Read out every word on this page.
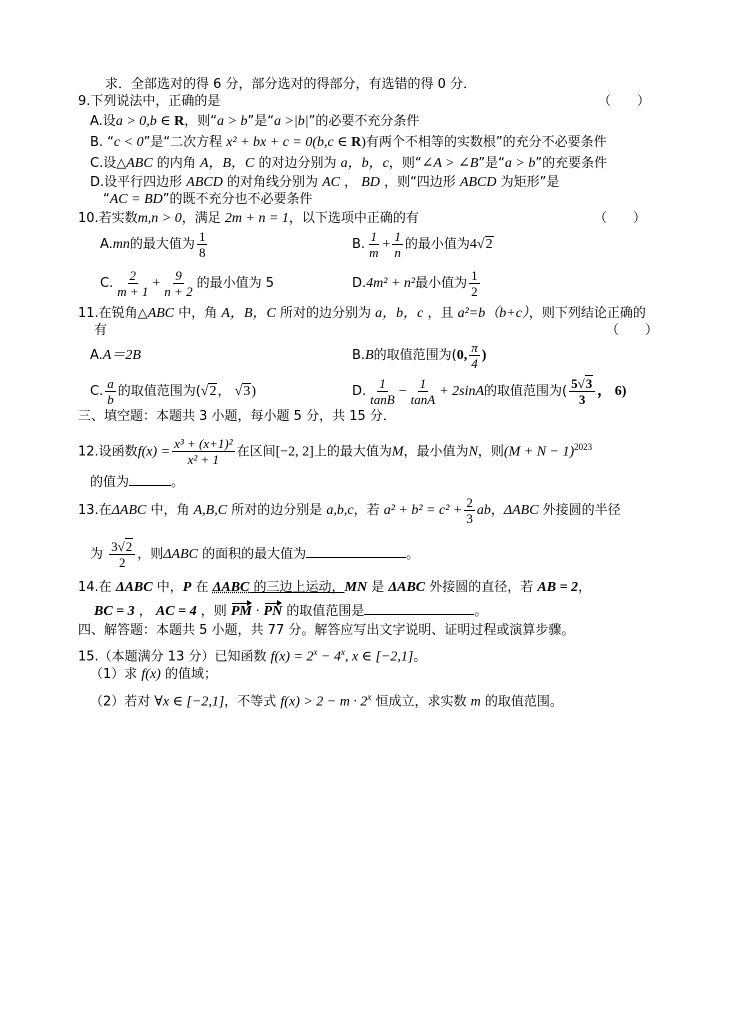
求．全部选对的得 6 分，部分选对的得部分，有选错的得 0 分．
9.下列说法中，正确的是	（　　）
A.设a > 0,b ∈ R，则“a > b”是“a >|b|”的必要不充分条件
B. “c < 0”是“二次方程 x² + bx + c = 0(b,c ∈ R)有两个不相等的实数根”的充分不必要条件
C.设△ABC 的内角 A，B，C 的对边分别为 a，b，c，则“∠A > ∠B”是“a > b”的充要条件
D.设平行四边形 ABCD 的对角线分别为 AC ， BD ，则“四边形 ABCD 为矩形”是
“AC = BD”的既不充分也不必要条件
10.若实数m,n > 0，满足 2m + n = 1，以下选项中正确的有	（　　）
A.mn的最大值为 $\frac{1}{8}$	B. $\frac{1}{m} + \frac{1}{n}$ 的最小值为4√2
C. $\frac{2}{m + 1} + \frac{9}{n + 2}$ 的最小值为 5	D.4m² + n²最小值为 $\frac{1}{2}$
11.在锐角△ABC 中，角 A，B，C 所对的边分别为 a，b，c ，且 a²=b（b+c），则下列结论正确的
有	（　　）
A.A＝2B	B.B的取值范围为(0, $\frac{\pi}{4}$ )
C. $\frac{a}{b}$ 的取值范围为(√2， √3)	D. $\frac{1}{\tan B} - \frac{1}{\tan A} + 2\sin A$的取值范围为( $\frac{5√3}{3}$ ， 6)
三、填空题：本题共 3 小题，每小题 5 分，共 15 分．
12.设函数$f(x) = \frac{\text{x³ + (x+1)²}}{\text{x² + 1}}$ 在区间[−2, 2]上的最大值为M，最小值为N，则$(M + N - 1)^{2023}$
的值为	。
13.在ΔABC 中，角 A,B,C 所对的边分别是 a,b,c，若 $a^2 + b^2 = c^2 + \frac{2}{3}$ ab，ΔABC 外接圆的半径
为 $\frac{3√2}{2}$ ，则ΔABC 的面积的最大值为	。
14.在 ΔABC 中，P 在 ΔABC 的三边上运动，MN 是 ΔABC 外接圆的直径，若 AB = 2，
BC = 3 ， AC = 4 ，则 PM · PN 的取值范围是	。
四、解答题：本题共 5 小题，共 77 分。解答应写出文字说明、证明过程或演算步骤。
15.（本题满分 13 分）已知函数 $f(x) = 2^x - 4^x$, x ∈ [−2,1]。
（1）求 f(x) 的值域；
（2）若对 ∀x ∈ [−2,1]，不等式 $f(x) > 2 - m \cdot 2^x$ 恒成立，求实数 m 的取值范围。
